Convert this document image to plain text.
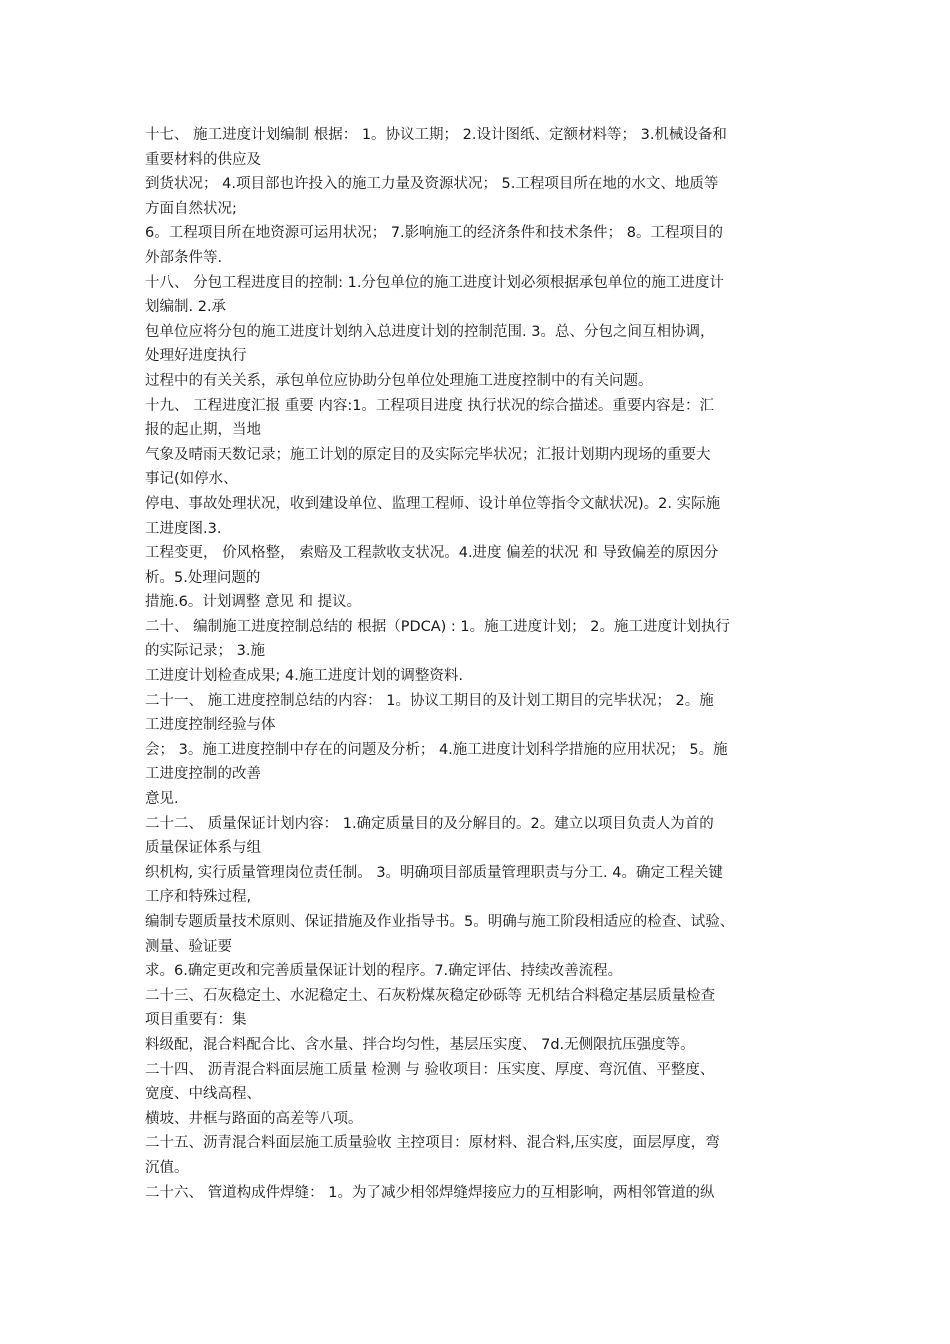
十七、 施工进度计划编制 根据： 1。协议工期； 2.设计图纸、定额材料等； 3.机械设备和
重要材料的供应及
到货状况； 4.项目部也许投入的施工力量及资源状况； 5.工程项目所在地的水文、地质等
方面自然状况;
6。工程项目所在地资源可运用状况； 7.影响施工的经济条件和技术条件； 8。工程项目的
外部条件等.
十八、 分包工程进度目的控制: 1.分包单位的施工进度计划必须根据承包单位的施工进度计
划编制. 2.承
包单位应将分包的施工进度计划纳入总进度计划的控制范围. 3。总、分包之间互相协调，
处理好进度执行
过程中的有关关系，承包单位应协助分包单位处理施工进度控制中的有关问题。
十九、 工程进度汇报 重要 内容:1。工程项目进度 执行状况的综合描述。重要内容是：汇
报的起止期，当地
气象及晴雨天数记录；施工计划的原定目的及实际完毕状况；汇报计划期内现场的重要大
事记(如停水、
停电、事故处理状况，收到建设单位、监理工程师、设计单位等指令文献状况)。2. 实际施
工进度图.3.
工程变更， 价风格整， 索赔及工程款收支状况。4.进度 偏差的状况 和 导致偏差的原因分
析。5.处理问题的
措施.6。计划调整 意见 和 提议。
二十、 编制施工进度控制总结的 根据（PDCA) : 1。施工进度计划； 2。施工进度计划执行
的实际记录； 3.施
工进度计划检查成果; 4.施工进度计划的调整资料.
二十一、 施工进度控制总结的内容： 1。协议工期目的及计划工期目的完毕状况； 2。施
工进度控制经验与体
会； 3。施工进度控制中存在的问题及分析； 4.施工进度计划科学措施的应用状况； 5。施
工进度控制的改善
意见.
二十二、 质量保证计划内容： 1.确定质量目的及分解目的。2。建立以项目负责人为首的
质量保证体系与组
织机构, 实行质量管理岗位责任制。 3。明确项目部质量管理职责与分工. 4。确定工程关键
工序和特殊过程,
编制专题质量技术原则、保证措施及作业指导书。5。明确与施工阶段相适应的检查、试验、
测量、验证要
求。6.确定更改和完善质量保证计划的程序。7.确定评估、持续改善流程。
二十三、石灰稳定土、水泥稳定土、石灰粉煤灰稳定砂砾等 无机结合料稳定基层质量检查
项目重要有：集
料级配，混合料配合比、含水量、拌合均匀性，基层压实度、 7d.无侧限抗压强度等。
二十四、 沥青混合料面层施工质量 检测 与 验收项目：压实度、厚度、弯沉值、平整度、
宽度、中线高程、
横坡、井框与路面的高差等八项。
二十五、沥青混合料面层施工质量验收 主控项目：原材料、混合料,压实度，面层厚度，弯
沉值。
二十六、 管道构成件焊缝： 1。为了减少相邻焊缝焊接应力的互相影响，两相邻管道的纵
